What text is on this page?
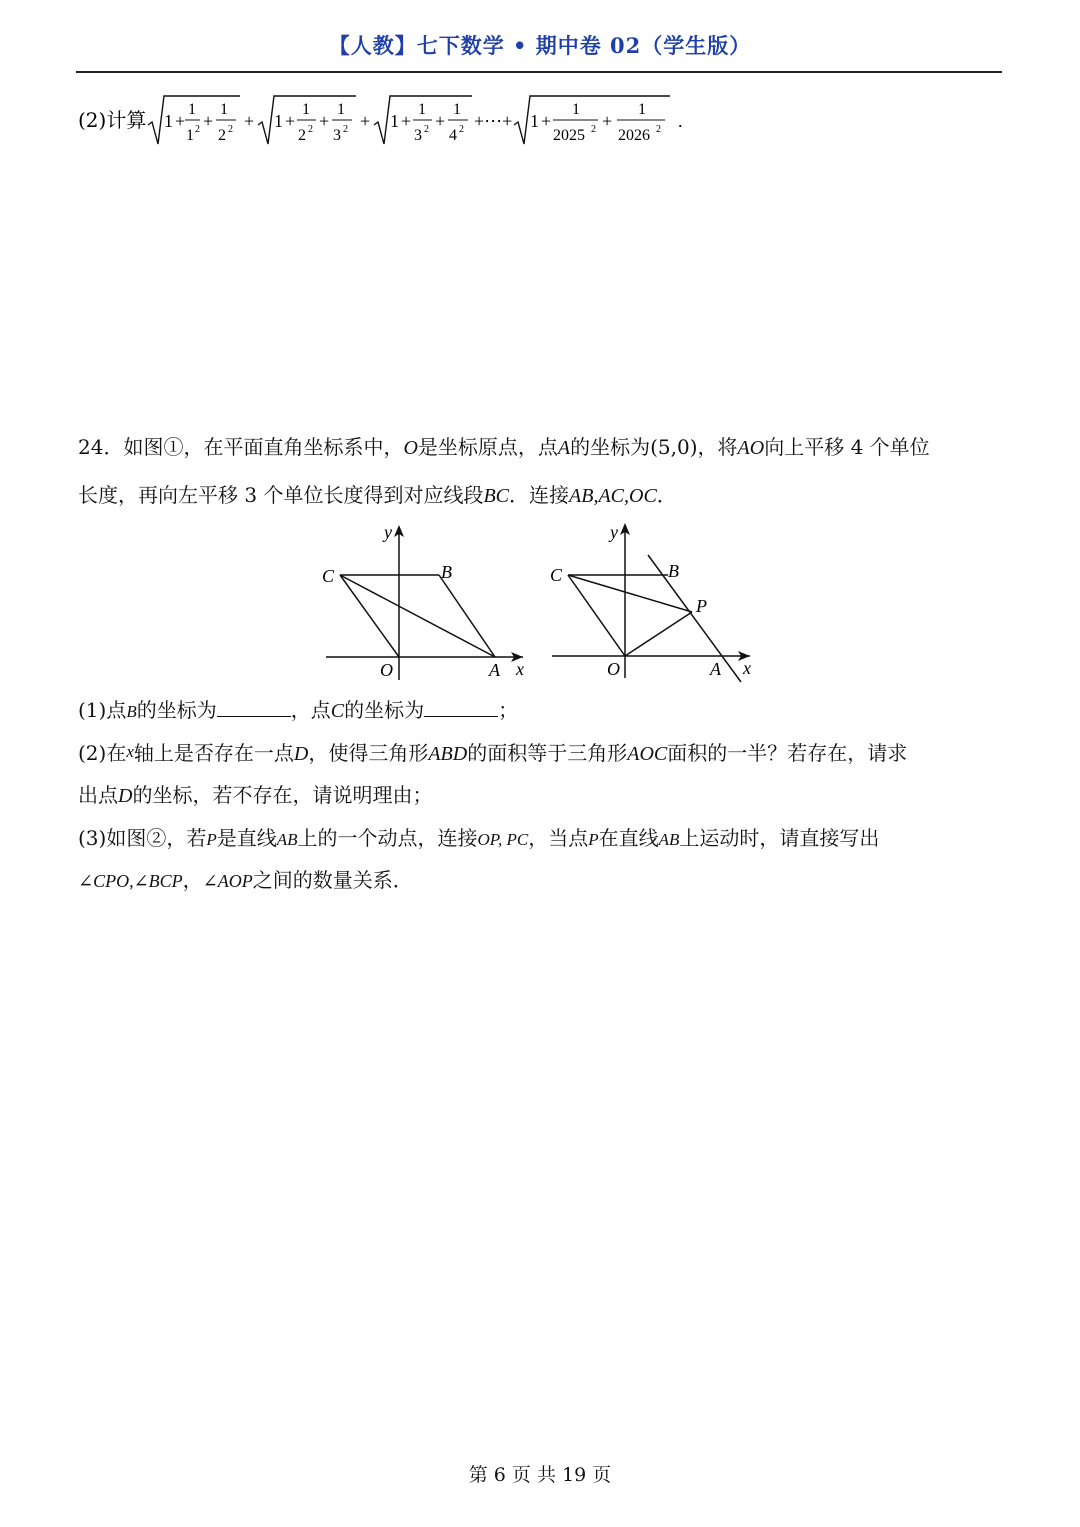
【人教】七下数学 • 期中卷 02（学生版）
(2)计算 1 +
1
1 2 +
1
2 2 + 1 +
1
2 2 +
1
3 2 + 1 +
1
3 2 +
1
4 2 +⋯+ 1 +
1
2025 2 +
1
2026 2 .
24．如图①，在平面直角坐标系中，O是坐标原点，点A的坐标为(5,0)，将AO向上平移 4 个单位
长度，再向左平移 3 个单位长度得到对应线段BC．连接AB,AC,OC．
y
x
O	A
B
C
y
x
O	A
B
C
P
(1)点B的坐标为	，点C的坐标为	；
(2)在x轴上是否存在一点D，使得三角形ABD的面积等于三角形AOC面积的一半？若存在，请求
出点D的坐标，若不存在，请说明理由；
(3)如图②，若P是直线AB上的一个动点，连接OP, PC，当点P在直线AB上运动时，请直接写出
∠CPO,∠BCP，∠AOP之间的数量关系．
第 6 页 共 19 页
